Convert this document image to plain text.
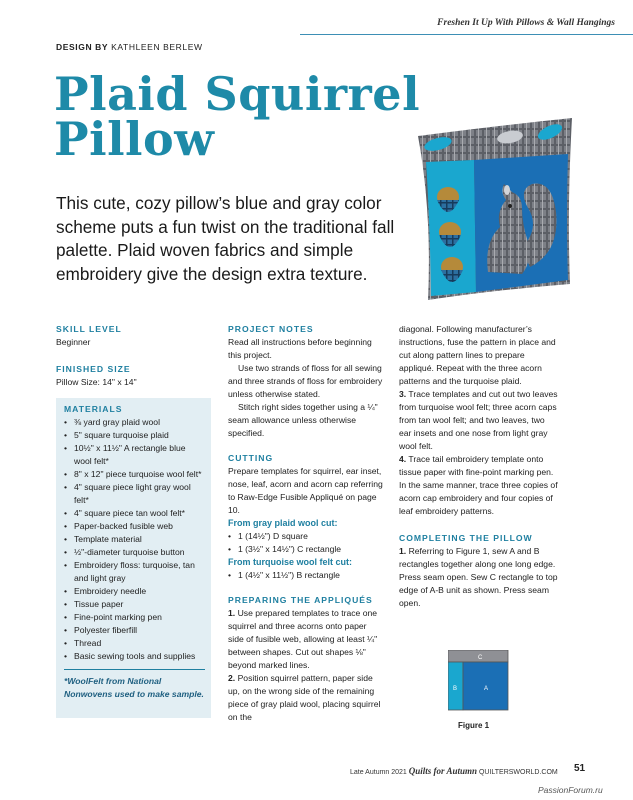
Freshen It Up With Pillows & Wall Hangings
DESIGN BY KATHLEEN BERLEW
Plaid Squirrel
Pillow
This cute, cozy pillow’s blue and gray color scheme puts a fun twist on the traditional fall palette. Plaid woven fabrics and simple embroidery give the design extra texture.
SKILL LEVEL

Beginner

FINISHED SIZE

Pillow Size: 14" x 14"

MATERIALS
• ⅜ yard gray plaid wool
• 5" square turquoise plaid
• 10½" x 11½" A rectangle blue wool felt*
• 8" x 12" piece turquoise wool felt*
• 4" square piece light gray wool felt*
• 4" square piece tan wool felt*
• Paper-backed fusible web
• Template material
• ½"-diameter turquoise button
• Embroidery floss: turquoise, tan and light gray
• Embroidery needle
• Tissue paper
• Fine-point marking pen
• Polyester fiberfill
• Thread
• Basic sewing tools and supplies

*WoolFelt from National Nonwovens used to make sample.

PROJECT NOTES

Read all instructions before beginning this project.

Use two strands of floss for all sewing and three strands of floss for embroidery unless otherwise stated.

Stitch right sides together using a ¼" seam allowance unless otherwise specified.

CUTTING

Prepare templates for squirrel, ear inset, nose, leaf, acorn and acorn cap referring to Raw-Edge Fusible Appliqué on page 10.

From gray plaid wool cut:

• 1 (14½") D square
• 1 (3½" x 14½") C rectangle

From turquoise wool felt cut:

• 1 (4½" x 11½") B rectangle
PREPARING THE APPLIQUÉS

1. Use prepared templates to trace one squirrel and three acorns onto paper side of fusible web, allowing at least ¼" between shapes. Cut out shapes ⅛" beyond marked lines.

2. Position squirrel pattern, paper side up, on the wrong side of the remaining piece of gray plaid wool, placing squirrel on the

diagonal. Following manufacturer’s instructions, fuse the pattern in place and cut along pattern lines to prepare appliqué. Repeat with the three acorn patterns and the turquoise plaid.

3. Trace templates and cut out two leaves from turquoise wool felt; three acorn caps from tan wool felt; and two leaves, two ear insets and one nose from light gray wool felt.

4. Trace tail embroidery template onto tissue paper with fine-point marking pen. In the same manner, trace three copies of acorn cap embroidery and four copies of leaf embroidery patterns.

COMPLETING THE PILLOW

1. Referring to Figure 1, sew A and B rectangles together along one long edge. Press seam open. Sew C rectangle to top edge of A-B unit as shown. Press seam open.

C
B	A
Figure 1
Late Autumn 2021 Quilts for Autumn QUILTERSWORLD.COM 51
PassionForum.ru
